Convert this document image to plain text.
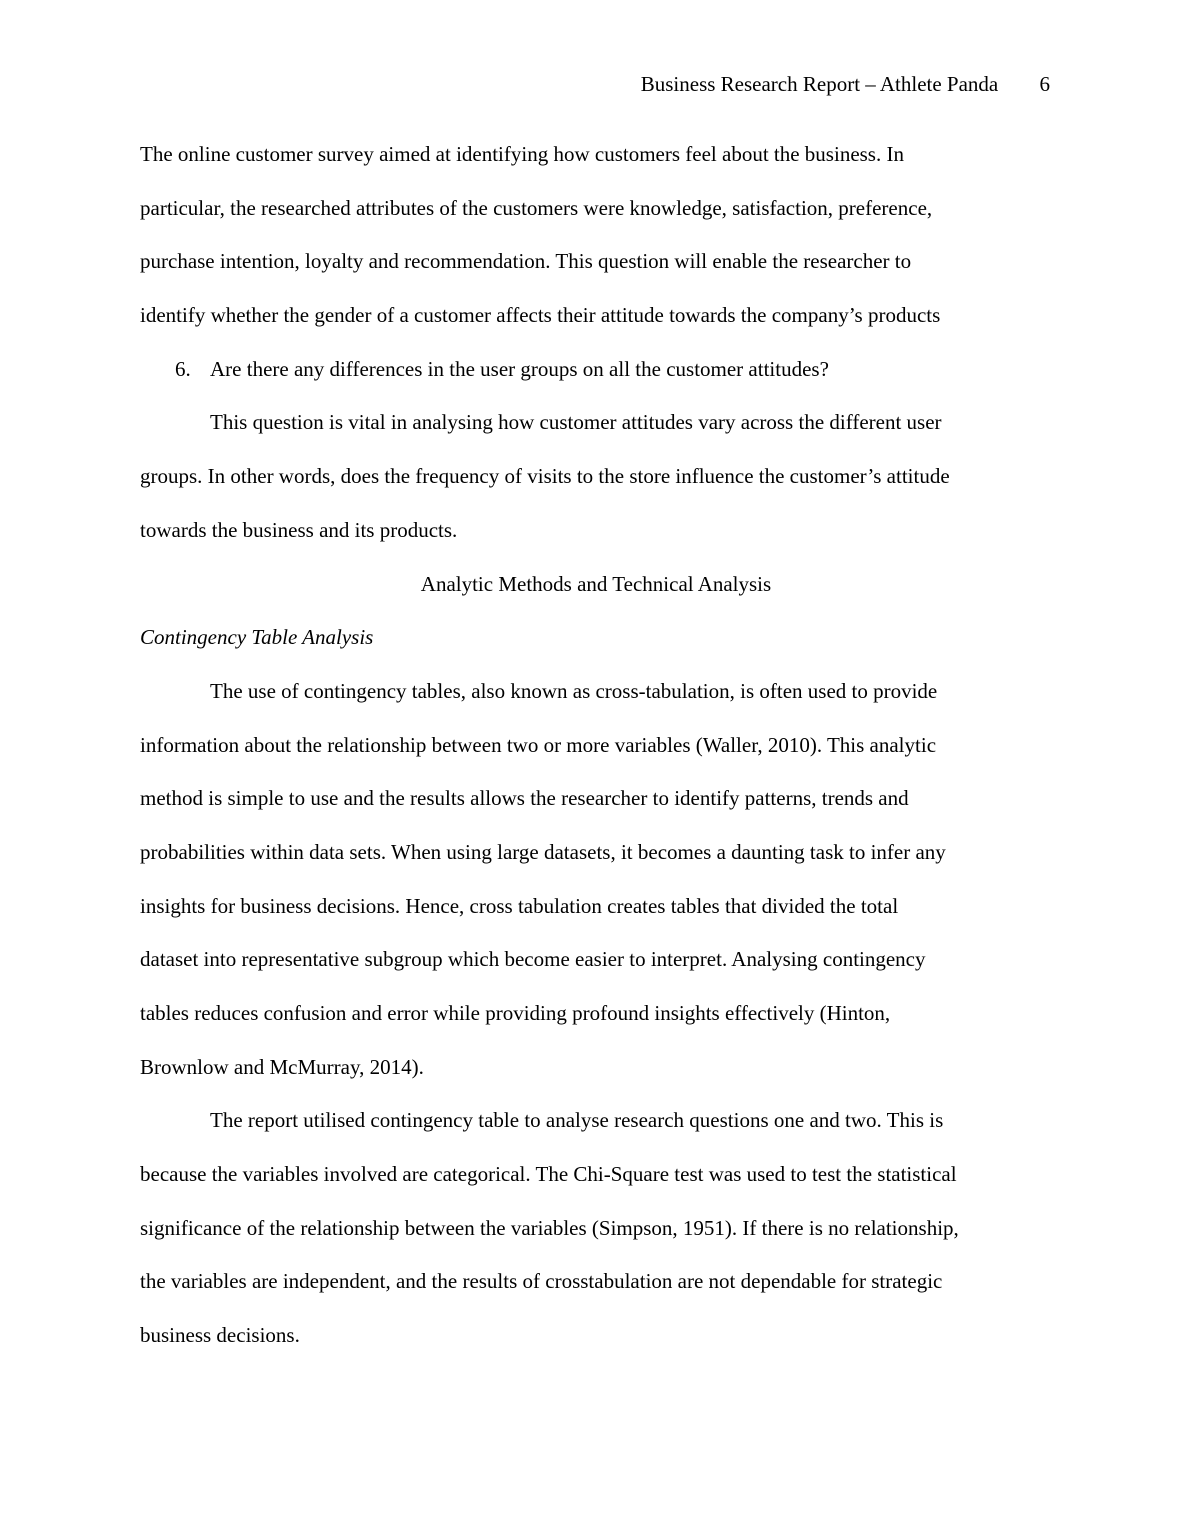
Business Research Report – Athlete Panda 6
The online customer survey aimed at identifying how customers feel about the business. In
particular, the researched attributes of the customers were knowledge, satisfaction, preference,
purchase intention, loyalty and recommendation. This question will enable the researcher to
identify whether the gender of a customer affects their attitude towards the company’s products
6. Are there any differences in the user groups on all the customer attitudes?
This question is vital in analysing how customer attitudes vary across the different user
groups. In other words, does the frequency of visits to the store influence the customer’s attitude
towards the business and its products.
Analytic Methods and Technical Analysis
Contingency Table Analysis
The use of contingency tables, also known as cross-tabulation, is often used to provide
information about the relationship between two or more variables (Waller, 2010). This analytic
method is simple to use and the results allows the researcher to identify patterns, trends and
probabilities within data sets. When using large datasets, it becomes a daunting task to infer any
insights for business decisions. Hence, cross tabulation creates tables that divided the total
dataset into representative subgroup which become easier to interpret. Analysing contingency
tables reduces confusion and error while providing profound insights effectively (Hinton,
Brownlow and McMurray, 2014).
The report utilised contingency table to analyse research questions one and two. This is
because the variables involved are categorical. The Chi-Square test was used to test the statistical
significance of the relationship between the variables (Simpson, 1951). If there is no relationship,
the variables are independent, and the results of crosstabulation are not dependable for strategic
business decisions.
